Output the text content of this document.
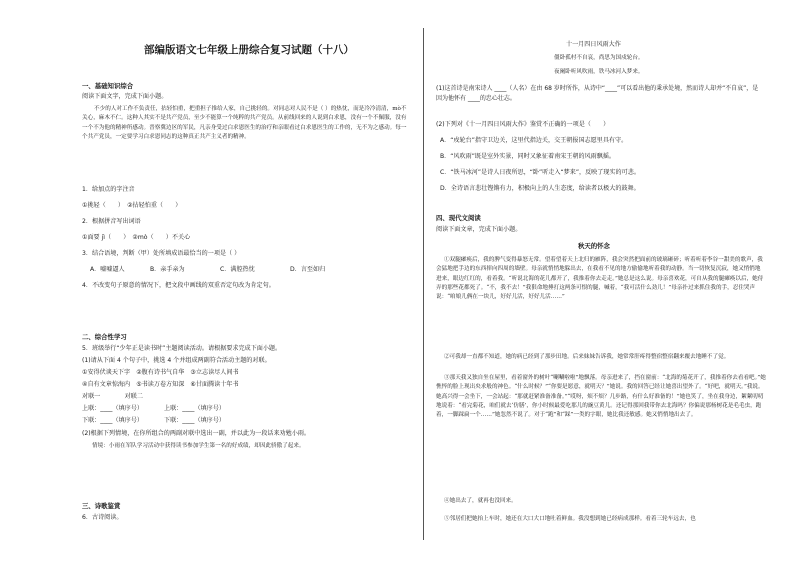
部编版语文七年级上册综合复习试题（十八）
一、基础知识综合
阅读下面文字，完成下面小题。
不少的人对工作不负责任，拈轻怕重，把重担子推给人家，自己挑轻的。对同志对人民不是（ ）的热忱，而是冷冷清清，mò不关心，麻木不仁。这种人其实不是共产党员，至少不能算一个纯粹的共产党员。从前线回来的人说到白求恩，没有一个不佩服，没有一个不为他的精神所感动。晋察冀边区的军民，凡亲身受过白求恩医生的治疗和亲眼看过白求恩医生的工作的，无不为之感动。每一个共产党员，一定要学习白求恩同志的这种真正共产主义者的精神。
1．给加点的字注音
①挑轻（　　）　②拈轻怕重（　　）
2．根据拼音写出词语
①面要 jì（　　）　②mò（　　）不关心
3．结合语境，判断（甲）处所填成语最恰当的一项是（ ）
A．嘘嘘逼人	B．亲手亲为	C．满腔热忱	D．言至如归
4．不改变句子原意的情况下，把文段中画线的双重否定句改为肯定句。
二、综合性学习
5．班级举行“少年正是读书时”主题阅读活动。请根据要求完成下面小题。
(1)请从下面 4 个句子中，挑选 4 个并组成两副符合活动主题的对联。
①安得伏谈天下字　②腹有诗书气自华　③立志读尽人间书
④自有文章惊海内　⑤书读万卷方知深　⑥甘面腾读十年书
对联一　　　　对联二
上联：____（填序号）	上联：____（填序号）
下联：____（填序号）	下联：____（填序号）
(2)根据下列情境，在你所组合的两副对联中选出一副，并以此为一段话来劝勉小雨。
情境：小雨在军队学习活动中获得读书参加学生第一名的好成绩，却因此骄傲了起来。
三、诗歌鉴赏
6．古诗阅读。
十一月四日风雨大作
僵卧孤村不自哀，尚思为国戍轮台。
夜阑卧听风吹雨，铁马冰河入梦来。
(1)这首诗是南宋诗人 ____（人名）在由 68 岁时所作，从诗中“____”可以看出他的秉承处境，然而诗人却并“不自哀”，是因为他怀有 ____的忠心壮志。
(2)下列对《十一月四日风雨大作》鉴赏不正确的一项是（　　）
A．“戍轮台”指守卫边关，这里代指边关，交王朝报国志愿里具有守。
B．“风吹雨”既是室外实景，同时又象征着南宋王朝的风雨飘摇。
C．“铁马冰河”是诗人日夜所思，“卧”听走入“梦来”，反映了现实的可悲。
D．全诗语言悲壮铿锵有力，积极向上的人生态度，给读者以极大的鼓舞。
四、现代文阅读
阅读下面文章，完成下面小题。
秋天的怀念
①双腿瘫痪后，我的脾气变得暴怒无常。望着望着天上北归的雁阵，我会突然把面前的玻璃砸碎；听着听着李谷一甜美的歌声，我会猛地把手边的东西摔向四周的墙壁。母亲就悄悄地躲出去，在我看不见的地方偷偷地听着我的动静。当一切恢复沉寂，她又悄悄地进来，眼边红红的，看着我。“听说北海的花儿都开了，我推着你去走走。”她总是这么说。母亲喜欢花，可自从我的腿瘫痪以后，她侍弄的那些花都死了。“不，我不去！”我狠命地捶打这两条可恨的腿，喊着，“我可活什么劲儿！”母亲扑过来抓住我的手，忍住哭声说：“咱娘儿俩在一块儿，好好儿活，好好儿活……”
②可我却一直都不知道，她的病已经到了那步田地。后来妹妹告诉我，她常常肝疼得整宿整宿翻来覆去地睡不了觉。
③那天我又独自坐在屋里，看着窗外的树叶“唰唰啦啦”地飘落。母亲进来了，挡在窗前：“北海的菊花开了，我推着你去看看吧。”她憔悴的脸上现出央求般的神色。“什么时候？”“你要是愿意，就明天？”她说。我的回答已经让她喜出望外了。“好吧，就明天。”我说。她高兴得一会坐下，一会站起：“那就赶紧准备准备。”“哎呀，烦不烦？几步路，有什么好准备的！”她也笑了，坐在我身边，絮絮叨叨地说着：“看完菊花，咱们就去‘仿膳’，你小时候最爱吃那儿的豌豆黄儿。还记得那回我带你去北海吗？你偏说那杨树花是毛毛虫，跑着，一脚踩扁一个……”她忽然不说了。对于“跑”和“踩”一类的字眼，她比我还敏感。她又悄悄地出去了。
④她出去了，就再也没回来。
⑤邻居们把她抬上车时，她还在大口大口地吐着鲜血。我没想到她已经病成那样。看着三轮车远去，也
